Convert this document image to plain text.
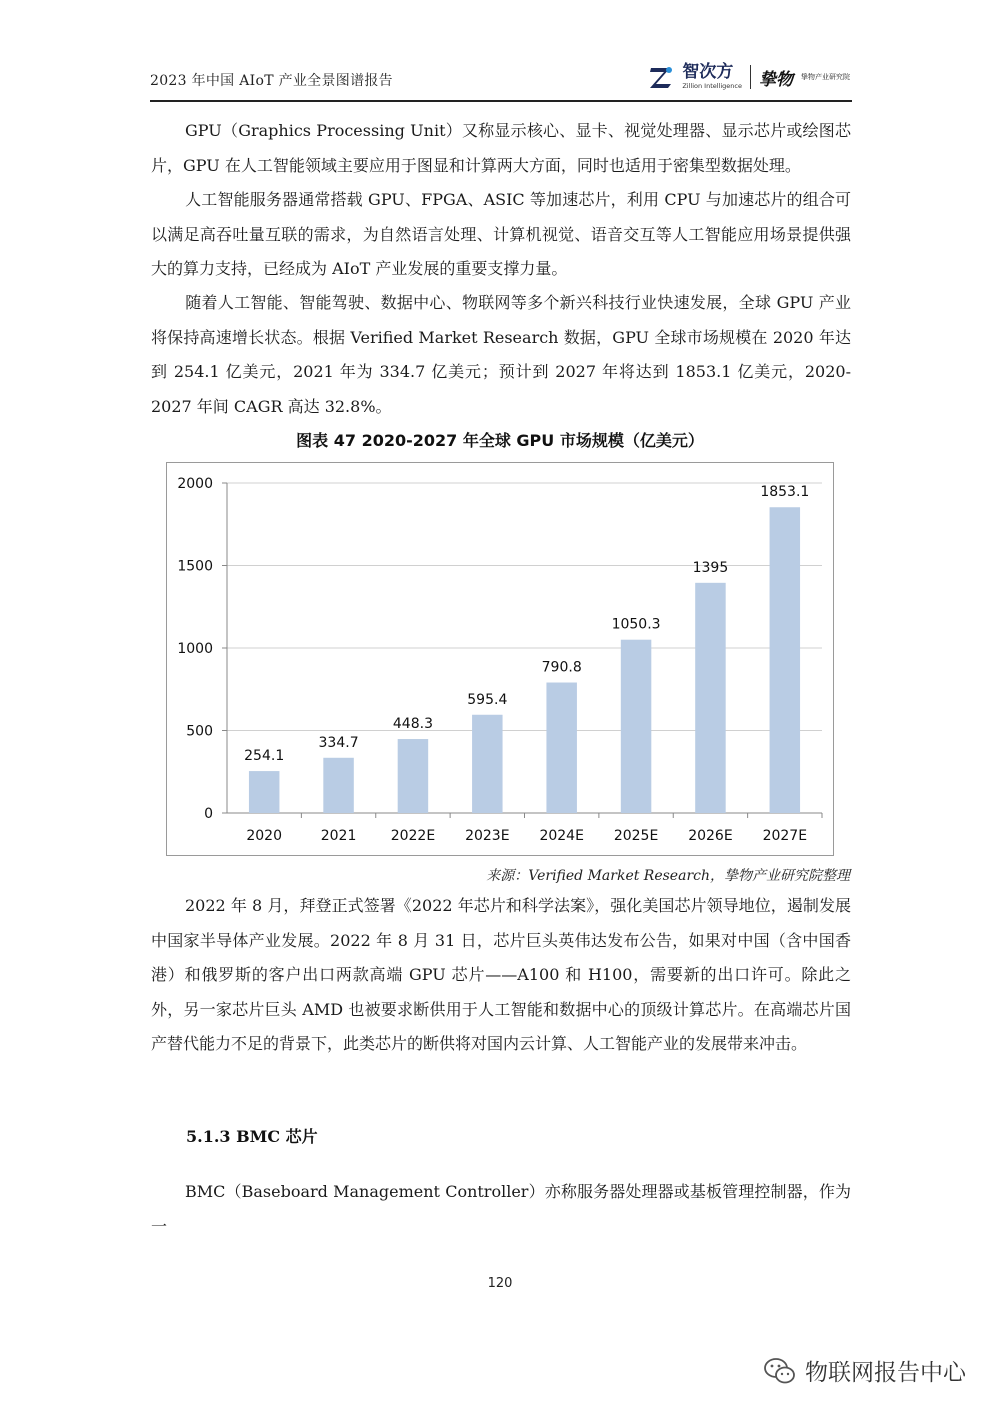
2023 年中国 AIoT 产业全景图谱报告	智次方
Zillion Intelligence 挚物 挚物产业研究院

GPU（Graphics Processing Unit）又称显示核心、显卡、视觉处理器、显示芯片或绘图芯片，GPU 在人工智能领域主要应用于图显和计算两大方面，同时也适用于密集型数据处理。

人工智能服务器通常搭载 GPU、FPGA、ASIC 等加速芯片，利用 CPU 与加速芯片的组合可以满足高吞吐量互联的需求，为自然语言处理、计算机视觉、语音交互等人工智能应用场景提供强大的算力支持，已经成为 AIoT 产业发展的重要支撑力量。

随着人工智能、智能驾驶、数据中心、物联网等多个新兴科技行业快速发展，全球 GPU 产业将保持高速增长状态。根据 Verified Market Research 数据，GPU 全球市场规模在 2020 年达到 254.1 亿美元，2021 年为 334.7 亿美元；预计到 2027 年将达到 1853.1 亿美元，2020-2027 年间 CAGR 高达 32.8%。

图表 47 2020-2027 年全球 GPU 市场规模（亿美元）
0
500
1000
1500
2000
254.1
2020
334.7
2021
448.3
2022E
595.4
2023E
790.8
2024E
1050.3
2025E
1395
2026E
1853.1
2027E
来源：Verified Market Research，挚物产业研究院整理

2022 年 8 月，拜登正式签署《2022 年芯片和科学法案》，强化美国芯片领导地位，遏制发展中国家半导体产业发展。2022 年 8 月 31 日，芯片巨头英伟达发布公告，如果对中国（含中国香港）和俄罗斯的客户出口两款高端 GPU 芯片——A100 和 H100，需要新的出口许可。除此之外，另一家芯片巨头 AMD 也被要求断供用于人工智能和数据中心的顶级计算芯片。在高端芯片国产替代能力不足的背景下，此类芯片的断供将对国内云计算、人工智能产业的发展带来冲击。

5.1.3 BMC 芯片

BMC（Baseboard Management Controller）亦称服务器处理器或基板管理控制器，作为一

120
物联网报告中心
